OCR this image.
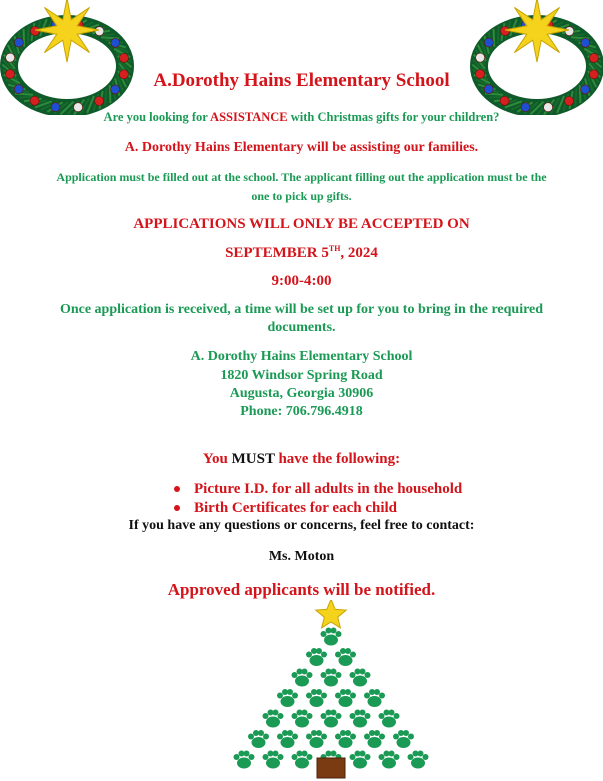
A.Dorothy Hains Elementary School
Are you looking for ASSISTANCE with Christmas gifts for your children?
A. Dorothy Hains Elementary will be assisting our families.
Application must be filled out at the school. The applicant filling out the application must be the
one to pick up gifts.
APPLICATIONS WILL ONLY BE ACCEPTED ON
SEPTEMBER 5TH, 2024
9:00-4:00
Once application is received, a time will be set up for you to bring in the required
documents.
A. Dorothy Hains Elementary School
1820 Windsor Spring Road
Augusta, Georgia 30906
Phone: 706.796.4918
You MUST have the following:
Picture I.D. for all adults in the household
Birth Certificates for each child
If you have any questions or concerns, feel free to contact:
Ms. Moton
Approved applicants will be notified.
